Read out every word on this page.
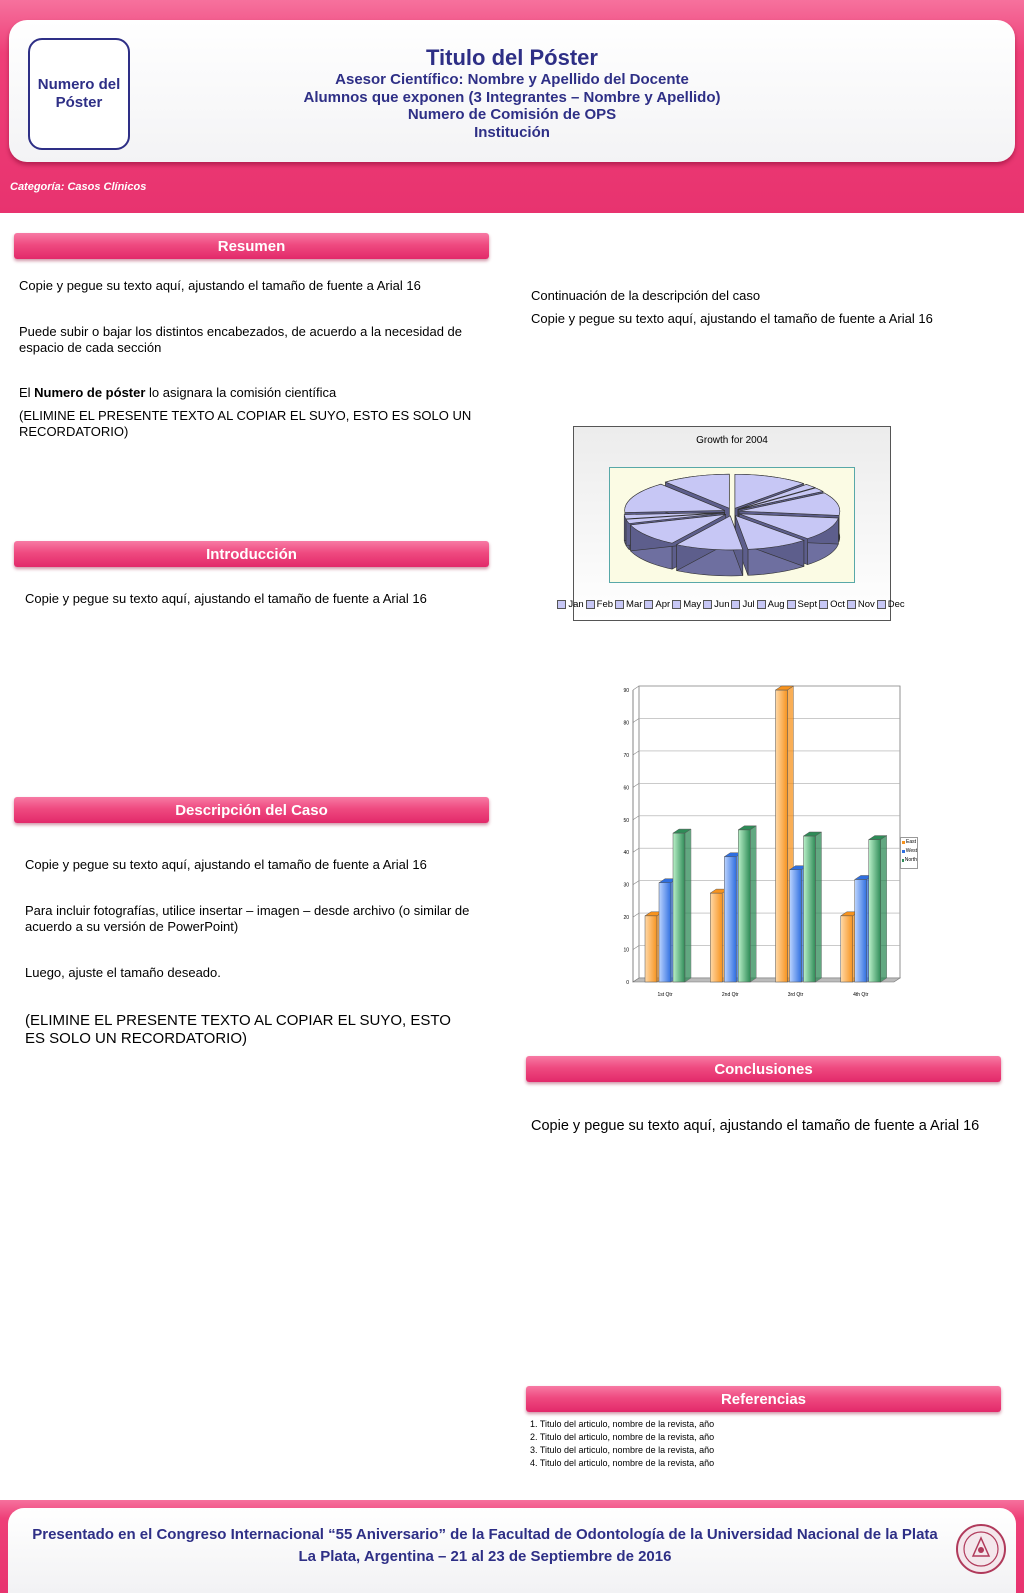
Numero del
Póster

Titulo del Póster

Asesor Científico: Nombre y Apellido del Docente

Alumnos que exponen (3 Integrantes – Nombre y Apellido)

Numero de Comisión de OPS

Institución

Categoría: Casos Clínicos
Resumen

Copie y pegue su texto aquí, ajustando el tamaño de fuente a Arial 16

Puede subir o bajar los distintos encabezados, de acuerdo a la necesidad de espacio de cada sección

El Numero de póster lo asignara la comisión científica

(ELIMINE EL PRESENTE TEXTO AL COPIAR EL SUYO, ESTO ES SOLO UN RECORDATORIO)

Introducción

Copie y pegue su texto aquí, ajustando el tamaño de fuente a Arial 16

Descripción del Caso

Copie y pegue su texto aquí, ajustando el tamaño de fuente a Arial 16

Para incluir fotografías, utilice insertar – imagen – desde archivo (o similar de acuerdo a su versión de PowerPoint)

Luego, ajuste el tamaño deseado.

(ELIMINE EL PRESENTE TEXTO AL COPIAR EL SUYO, ESTO ES SOLO UN RECORDATORIO)

Continuación de la descripción del caso

Copie y pegue su texto aquí, ajustando el tamaño de fuente a Arial 16

Growth for 2004
Jan Feb Mar Apr May Jun Jul Aug Sept Oct Nov Dec
0
10
20
30
40
50
60
70
80
90
1st Qtr	2nd Qtr	3rd Qtr	4th Qtr
East
West
North
Conclusiones

Copie y pegue su texto aquí, ajustando el tamaño de fuente a Arial 16

Referencias
1. Titulo del articulo, nombre de la revista, año
2. Titulo del articulo, nombre de la revista, año
3. Titulo del articulo, nombre de la revista, año
4. Titulo del articulo, nombre de la revista, año

Presentado en el Congreso Internacional “55 Aniversario” de la Facultad de Odontología de la Universidad Nacional de la Plata

La Plata, Argentina – 21 al 23 de Septiembre de 2016
